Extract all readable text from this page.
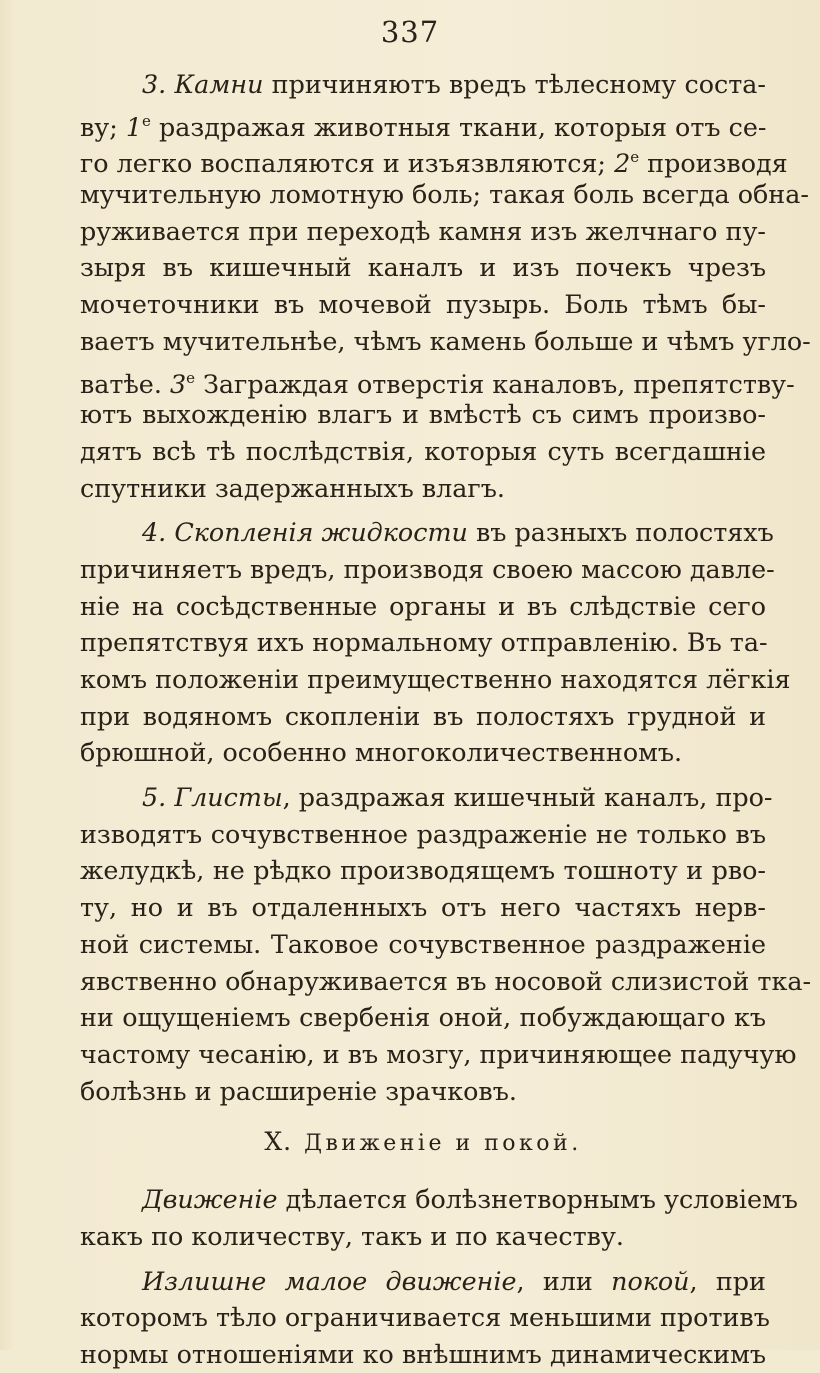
337

3. Камни причиняютъ вредъ тѣлесному соста-
ву; 1e раздражая животныя ткани, которыя отъ се-
го легко воспаляются и изъязвляются; 2e производя
мучительную ломотную боль; такая боль всегда обна-
руживается при переходѣ камня изъ желчнаго пу-
зыря въ кишечный каналъ и изъ почекъ чрезъ
мочеточники въ мочевой пузырь. Боль тѣмъ бы-
ваетъ мучительнѣе, чѣмъ камень больше и чѣмъ угло-
ватѣе. 3e Заграждая отверстія каналовъ, препятству-
ютъ выхожденію влагъ и вмѣстѣ съ симъ произво-
дятъ всѣ тѣ послѣдствія, которыя суть всегдашніе
спутники задержанныхъ влагъ.

4. Скопленія жидкости въ разныхъ полостяхъ
причиняетъ вредъ, производя своею массою давле-
ніе на сосѣдственные органы и въ слѣдствіе сего
препятствуя ихъ нормальному отправленію. Въ та-
комъ положеніи преимущественно находятся лёгкія
при водяномъ скопленіи въ полостяхъ грудной и
брюшной, особенно многоколичественномъ.

5. Глисты, раздражая кишечный каналъ, про-
изводятъ сочувственное раздраженіе не только въ
желудкѣ, не рѣдко производящемъ тошноту и рво-
ту, но и въ отдаленныхъ отъ него частяхъ нерв-
ной системы. Таковое сочувственное раздраженіе
явственно обнаруживается въ носовой слизистой тка-
ни ощущеніемъ свербенія оной, побуждающаго къ
частому чесанію, и въ мозгу, причиняющее падучую
болѣзнь и расширеніе зрачковъ.

X. Движеніе и покой.

Движеніе дѣлается болѣзнетворнымъ условіемъ
какъ по количеству, такъ и по качеству.

Излишне малое движеніе, или покой, при
которомъ тѣло ограничивается меньшими противъ
нормы отношеніями ко внѣшнимъ динамическимъ
